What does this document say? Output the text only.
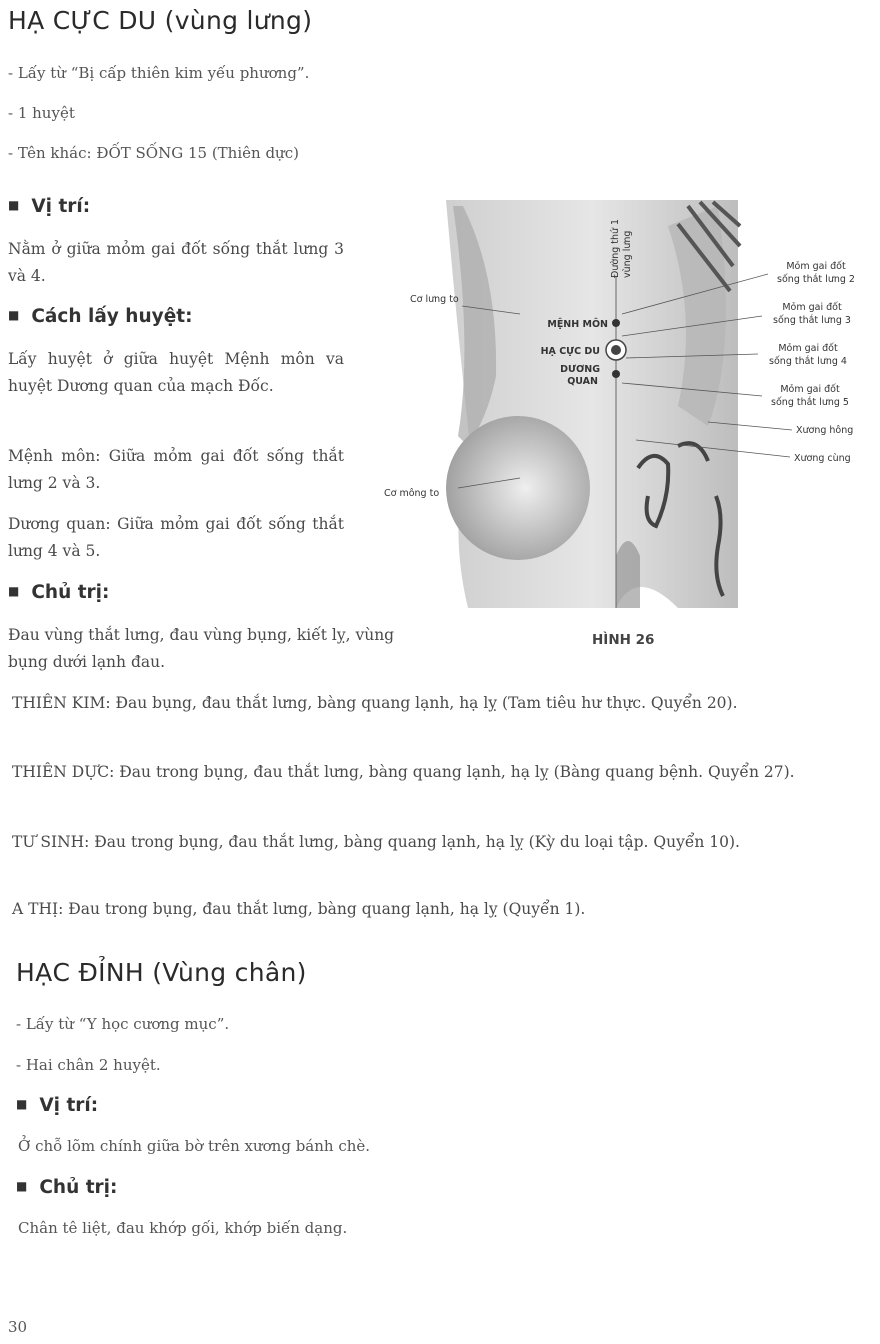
HẠ CỰC DU (vùng lưng)
- Lấy từ “Bị cấp thiên kim yếu phương”.
- 1 huyệt
- Tên khác: ĐỐT SỐNG 15 (Thiên dực)
■ Vị trí:
Nằm ở giữa mỏm gai đốt sống thắt lưng 3 và 4.
■ Cách lấy huyệt:
Lấy huyệt ở giữa huyệt Mệnh môn va huyệt Dương quan của mạch Đốc.
Mệnh môn: Giữa mỏm gai đốt sống thắt lưng 2 và 3.
Dương quan: Giữa mỏm gai đốt sống thắt lưng 4 và 5.
■ Chủ trị:
Đau vùng thắt lưng, đau vùng bụng, kiết lỵ, vùng bụng dưới lạnh đau.
THIÊN KIM: Đau bụng, đau thắt lưng, bàng quang lạnh, hạ lỵ (Tam tiêu hư thực. Quyển 20).
THIÊN DỰC: Đau trong bụng, đau thắt lưng, bàng quang lạnh, hạ lỵ (Bàng quang bệnh. Quyển 27).
TƯ SINH: Đau trong bụng, đau thắt lưng, bàng quang lạnh, hạ lỵ (Kỳ du loại tập. Quyển 10).
A THỊ: Đau trong bụng, đau thắt lưng, bàng quang lạnh, hạ lỵ (Quyển 1).
Đường thứ 1 vùng lưng
MỆNH MÔN
HẠ CỰC DU
DƯƠNG
QUAN
Cơ lưng to
Cơ mông to
Mỏm gai đốt
sống thắt lưng 2
Mỏm gai đốt
sống thắt lưng 3
Mỏm gai đốt
sống thắt lưng 4
Mỏm gai đốt
sống thắt lưng 5
Xương hông
Xương cùng
HÌNH 26
HẠC ĐỈNH (Vùng chân)
- Lấy từ “Y học cương mục”.
- Hai chân 2 huyệt.
■ Vị trí:
Ở chỗ lõm chính giữa bờ trên xương bánh chè.
■ Chủ trị:
Chân tê liệt, đau khớp gối, khớp biến dạng.
30
